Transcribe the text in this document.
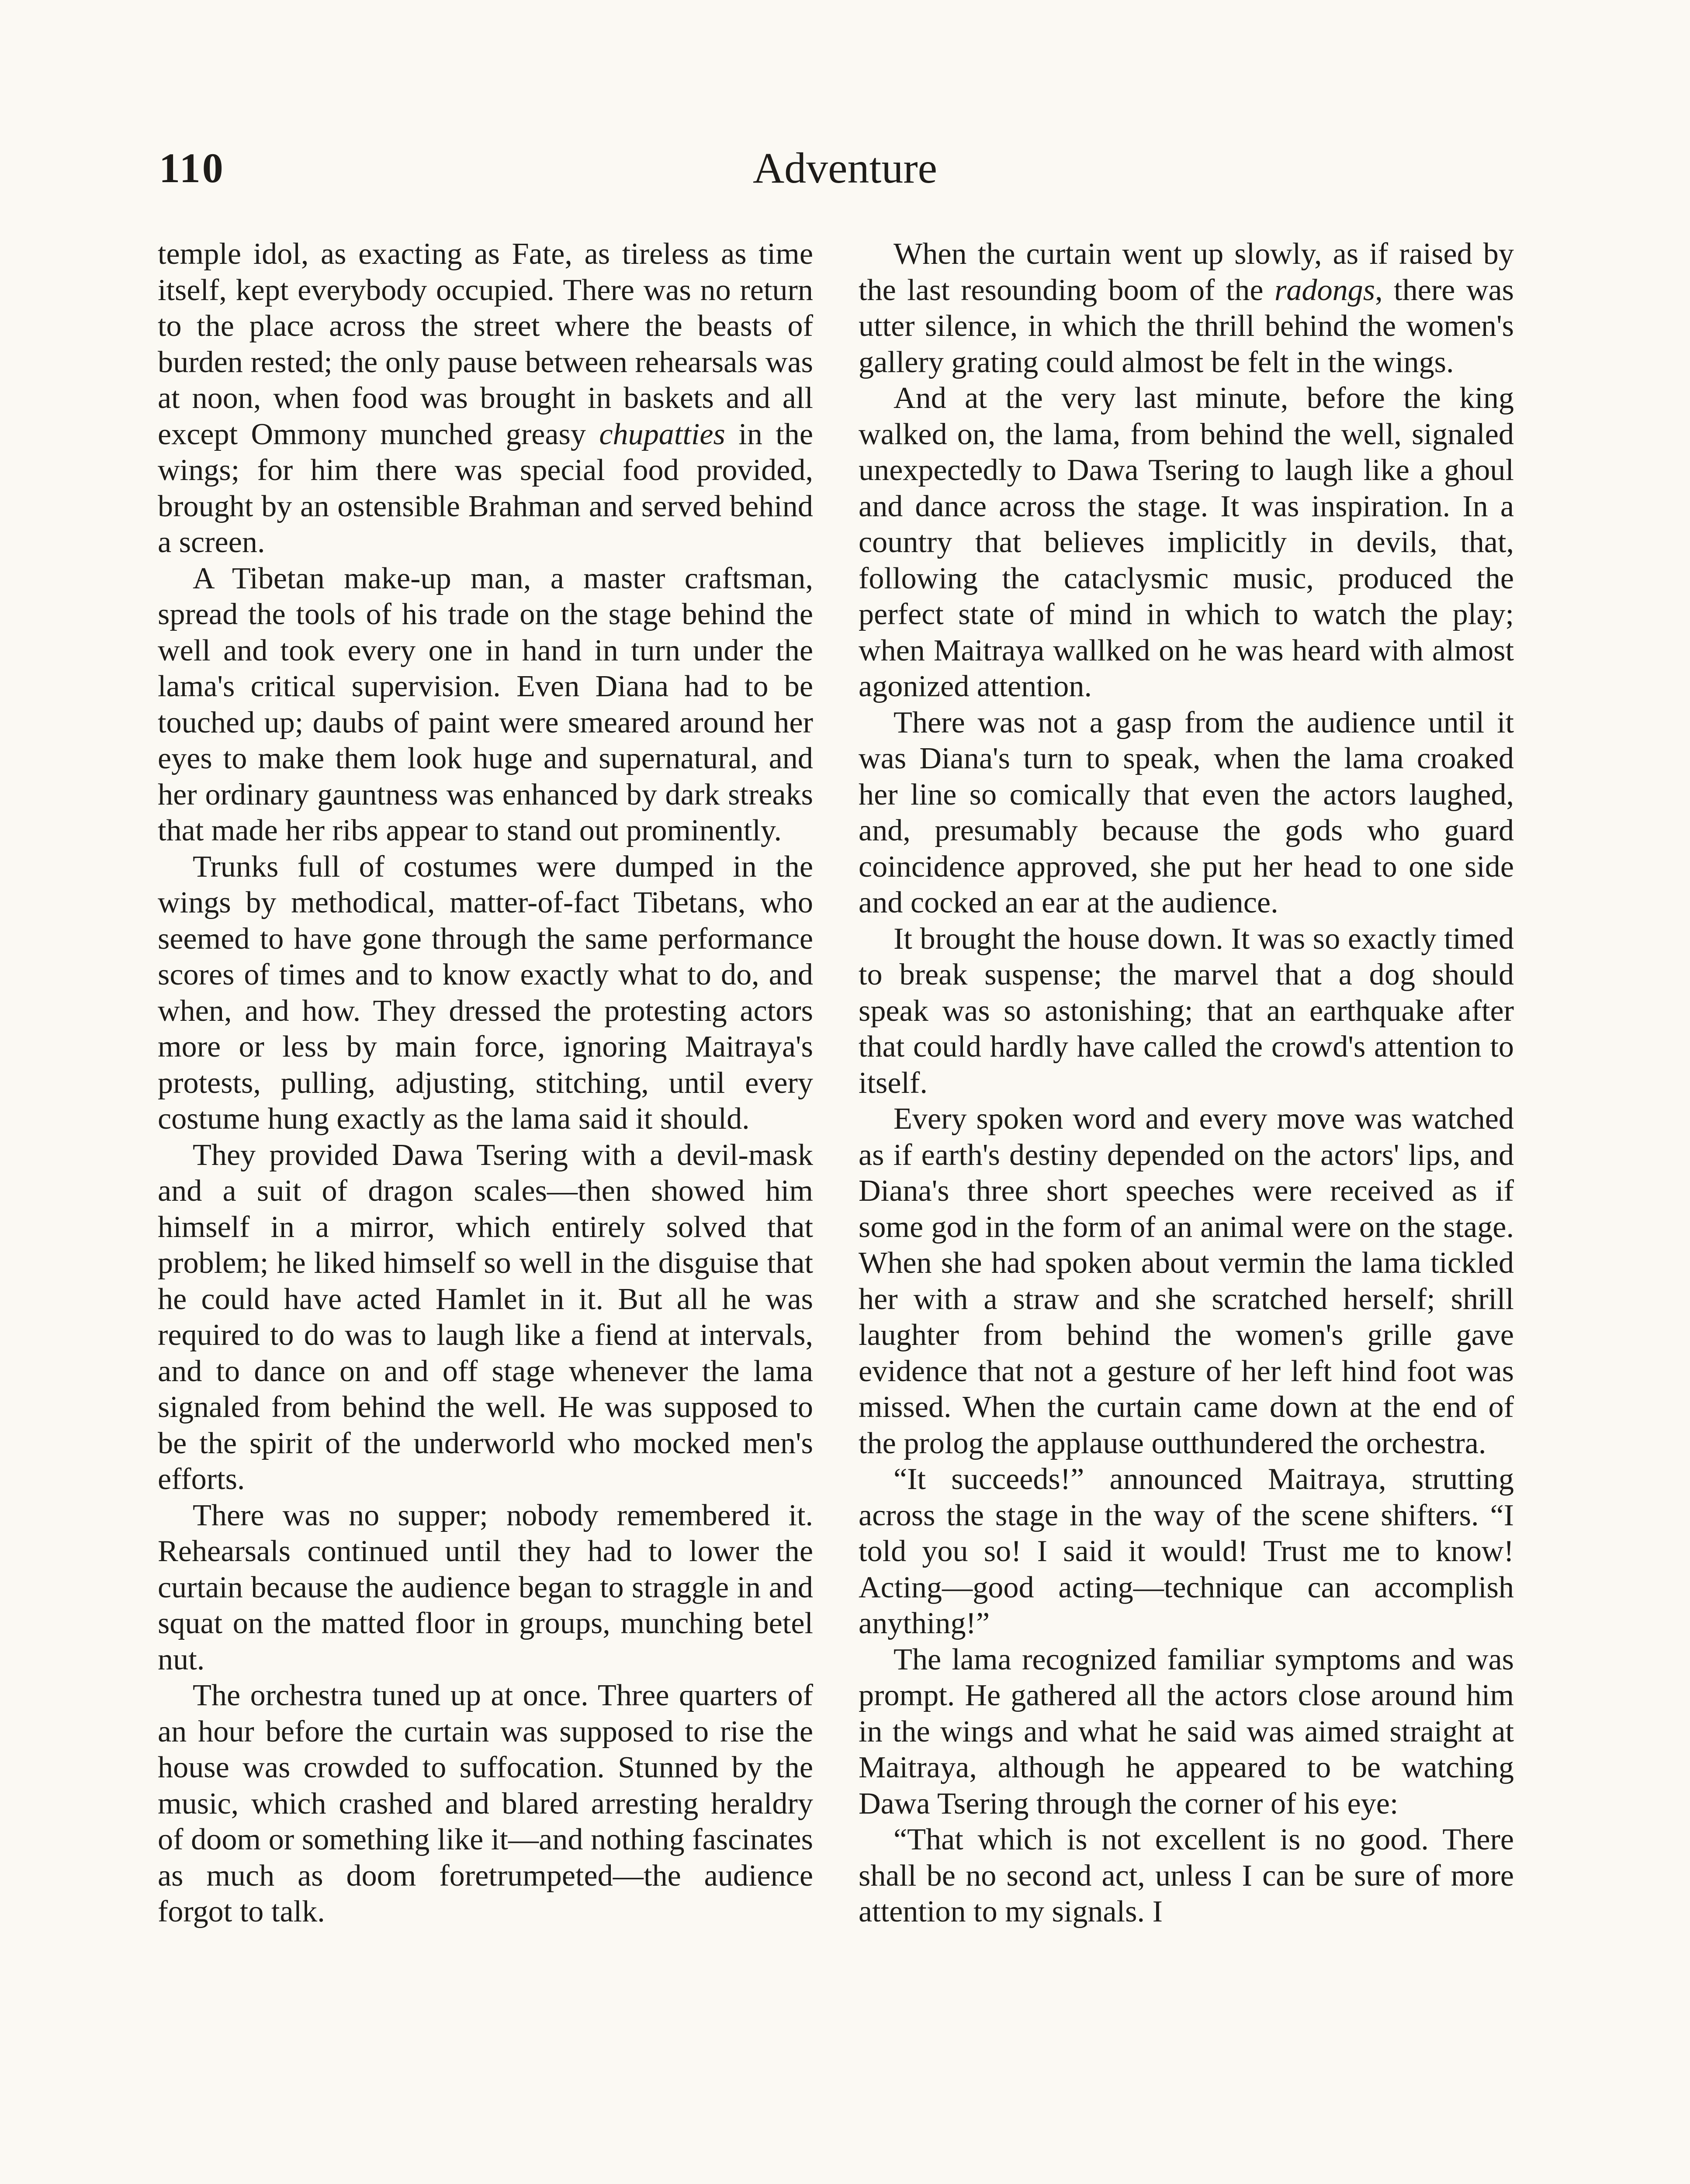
110	Adventure

temple idol, as exacting as Fate, as tireless as time itself, kept everybody occupied. There was no return to the place across the street where the beasts of burden rested; the only pause between rehearsals was at noon, when food was brought in baskets and all except Ommony munched greasy chupatties in the wings; for him there was special food provided, brought by an ostensible Brahman and served behind a screen.

A Tibetan make-up man, a master craftsman, spread the tools of his trade on the stage behind the well and took every one in hand in turn under the lama's critical supervision. Even Diana had to be touched up; daubs of paint were smeared around her eyes to make them look huge and supernatural, and her ordinary gauntness was enhanced by dark streaks that made her ribs appear to stand out prominently.

Trunks full of costumes were dumped in the wings by methodical, matter-of-fact Tibetans, who seemed to have gone through the same performance scores of times and to know exactly what to do, and when, and how. They dressed the protesting actors more or less by main force, ignoring Maitraya's protests, pulling, adjusting, stitching, until every costume hung exactly as the lama said it should.

They provided Dawa Tsering with a devil-mask and a suit of dragon scales—then showed him himself in a mirror, which entirely solved that problem; he liked himself so well in the disguise that he could have acted Hamlet in it. But all he was required to do was to laugh like a fiend at intervals, and to dance on and off stage whenever the lama signaled from behind the well. He was supposed to be the spirit of the underworld who mocked men's efforts.

There was no supper; nobody remembered it. Rehearsals continued until they had to lower the curtain because the audience began to straggle in and squat on the matted floor in groups, munching betel nut.

The orchestra tuned up at once. Three quarters of an hour before the curtain was supposed to rise the house was crowded to suffocation. Stunned by the music, which crashed and blared arresting heraldry of doom or something like it—and nothing fascinates as much as doom foretrumpeted—the audience forgot to talk.

When the curtain went up slowly, as if raised by the last resounding boom of the radongs, there was utter silence, in which the thrill behind the women's gallery grating could almost be felt in the wings.

And at the very last minute, before the king walked on, the lama, from behind the well, signaled unexpectedly to Dawa Tsering to laugh like a ghoul and dance across the stage. It was inspiration. In a country that believes implicitly in devils, that, following the cataclysmic music, produced the perfect state of mind in which to watch the play; when Maitraya wallked on he was heard with almost agonized attention.

There was not a gasp from the audience until it was Diana's turn to speak, when the lama croaked her line so comically that even the actors laughed, and, presumably because the gods who guard coincidence approved, she put her head to one side and cocked an ear at the audience.

It brought the house down. It was so exactly timed to break suspense; the marvel that a dog should speak was so astonishing; that an earthquake after that could hardly have called the crowd's attention to itself.

Every spoken word and every move was watched as if earth's destiny depended on the actors' lips, and Diana's three short speeches were received as if some god in the form of an animal were on the stage. When she had spoken about vermin the lama tickled her with a straw and she scratched herself; shrill laughter from behind the women's grille gave evidence that not a gesture of her left hind foot was missed. When the curtain came down at the end of the prolog the applause outthundered the orchestra.

“It succeeds!” announced Maitraya, strutting across the stage in the way of the scene shifters. “I told you so! I said it would! Trust me to know! Acting—good acting—technique can accomplish anything!”

The lama recognized familiar symptoms and was prompt. He gathered all the actors close around him in the wings and what he said was aimed straight at Maitraya, although he appeared to be watching Dawa Tsering through the corner of his eye:

“That which is not excellent is no good. There shall be no second act, unless I can be sure of more attention to my signals. I
